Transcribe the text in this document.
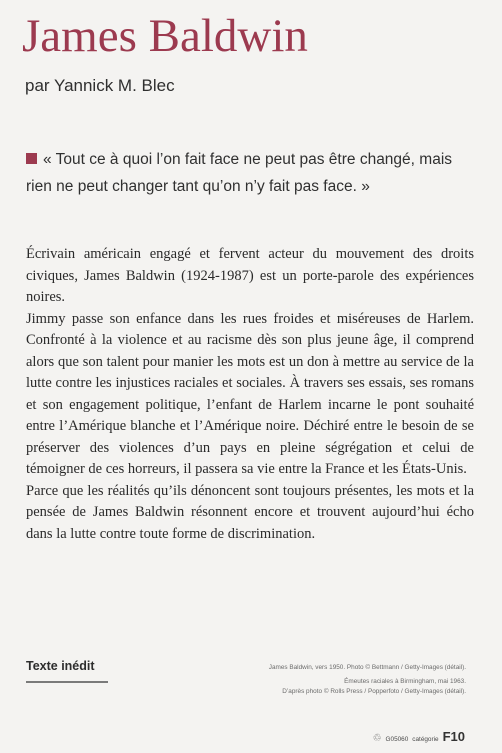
James Baldwin
par Yannick M. Blec
« Tout ce à quoi l’on fait face ne peut pas être changé, mais rien ne peut changer tant qu’on n’y fait pas face. »

Écrivain américain engagé et fervent acteur du mouvement des droits civiques, James Baldwin (1924-1987) est un porte-parole des expériences noires.

Jimmy passe son enfance dans les rues froides et miséreuses de Harlem. Confronté à la violence et au racisme dès son plus jeune âge, il comprend alors que son talent pour manier les mots est un don à mettre au service de la lutte contre les injustices raciales et sociales. À travers ses essais, ses romans et son engagement politique, l’enfant de Harlem incarne le pont souhaité entre l’Amérique blanche et l’Amérique noire. Déchiré entre le besoin de se préserver des violences d’un pays en pleine ségrégation et celui de témoigner de ces horreurs, il passera sa vie entre la France et les États-Unis.

Parce que les réalités qu’ils dénoncent sont toujours présentes, les mots et la pensée de James Baldwin résonnent encore et trouvent aujourd’hui écho dans la lutte contre toute forme de discrimination.

Texte inédit	James Baldwin, vers 1950. Photo © Bettmann / Getty-Images (détail).
Émeutes raciales à Birmingham, mai 1963.
D’après photo © Rolls Press / Popperfoto / Getty-Images (détail).
♲ G05060 catégorie F10
